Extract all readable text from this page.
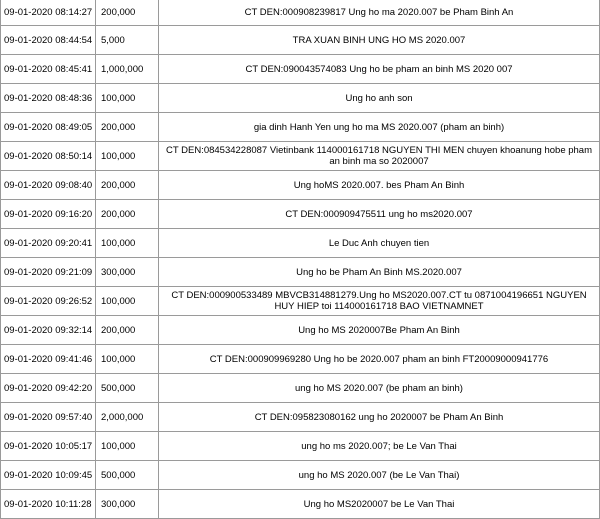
09-01-2020 08:14:27	200,000	CT DEN:000908239817 Ung ho ma 2020.007 be Pham Binh An
09-01-2020 08:44:54	5,000	TRA XUAN BINH UNG HO MS 2020.007
09-01-2020 08:45:41	1,000,000	CT DEN:090043574083 Ung ho be pham an binh MS 2020 007
09-01-2020 08:48:36	100,000	Ung ho anh son
09-01-2020 08:49:05	200,000	gia dinh Hanh Yen ung ho ma MS 2020.007 (pham an binh)
09-01-2020 08:50:14	100,000	CT DEN:084534228087 Vietinbank 114000161718 NGUYEN THI MEN chuyen khoanung hobe pham an binh ma so 2020007
09-01-2020 09:08:40	200,000	Ung hoMS 2020.007. bes Pham An Binh
09-01-2020 09:16:20	200,000	CT DEN:000909475511 ung ho ms2020.007
09-01-2020 09:20:41	100,000	Le Duc Anh chuyen tien
09-01-2020 09:21:09	300,000	Ung ho be Pham An Binh MS.2020.007
09-01-2020 09:26:52	100,000	CT DEN:000900533489 MBVCB314881279.Ung ho MS2020.007.CT tu 0871004196651 NGUYEN HUY HIEP toi 114000161718 BAO VIETNAMNET
09-01-2020 09:32:14	200,000	Ung ho MS 2020007Be Pham An Binh
09-01-2020 09:41:46	100,000	CT DEN:000909969280 Ung ho be 2020.007 pham an binh FT20009000941776
09-01-2020 09:42:20	500,000	ung ho MS 2020.007 (be pham an binh)
09-01-2020 09:57:40	2,000,000	CT DEN:095823080162 ung ho 2020007 be Pham An Binh
09-01-2020 10:05:17	100,000	ung ho ms 2020.007; be Le Van Thai
09-01-2020 10:09:45	500,000	ung ho MS 2020.007 (be Le Van Thai)
09-01-2020 10:11:28	300,000	Ung ho MS2020007 be Le Van Thai
